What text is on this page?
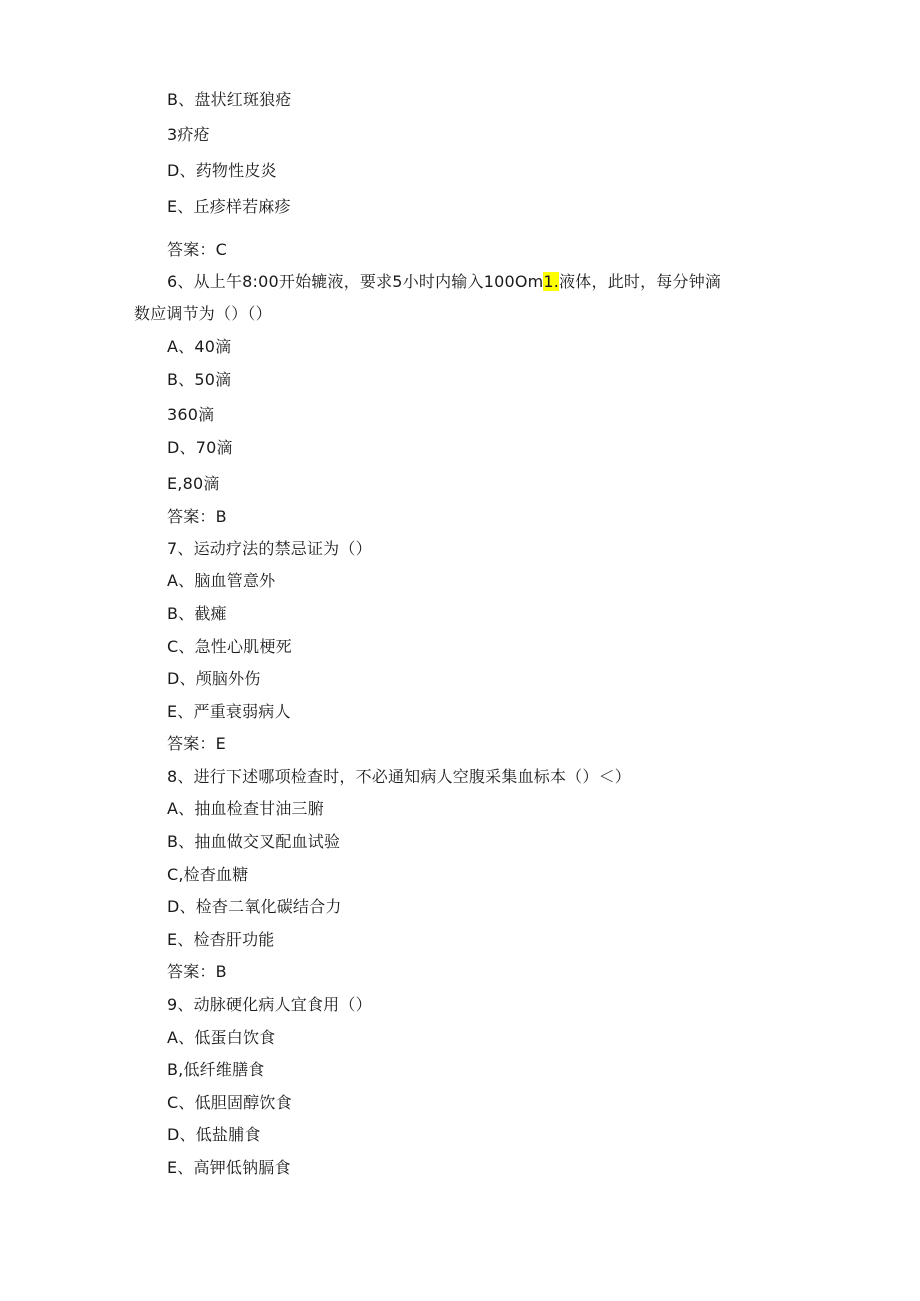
B、盘状红斑狼疮
3疥疮
D、药物性皮炎
E、丘疹样若麻疹
答案：C
6、从上午8:00开始辘液，要求5小时内输入100Om1.液体，此时，每分钟滴
数应调节为（）（）
A、40滴
B、50滴
360滴
D、70滴
E,80滴
答案：B
7、运动疗法的禁忌证为（）
A、脑血管意外
B、截瘫
C、急性心肌梗死
D、颅脑外伤
E、严重衰弱病人
答案：E
8、进行下述哪项检查时，不必通知病人空腹采集血标本（）＜）
A、抽血检查甘油三腑
B、抽血做交叉配血试验
C,检杳血糖
D、检杳二氧化碳结合力
E、检杳肝功能
答案：B
9、动脉硬化病人宜食用（）
A、低蛋白饮食
B,低纤维膳食
C、低胆固醇饮食
D、低盐脯食
E、高钾低钠膈食
